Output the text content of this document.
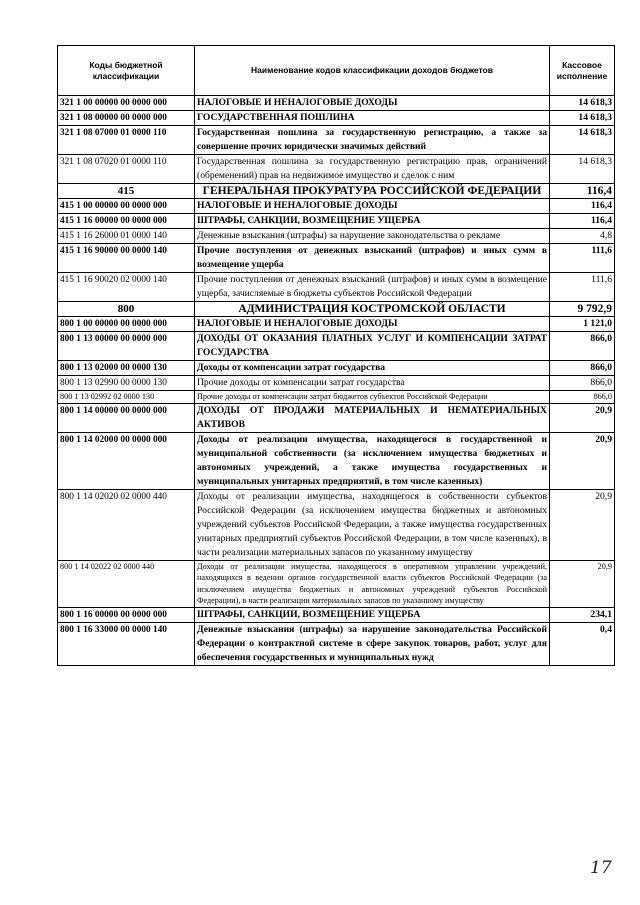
Коды бюджетной классификации	Наименование кодов классификации доходов бюджетов	Кассовое исполнение
321 1 00 00000 00 0000 000	НАЛОГОВЫЕ И НЕНАЛОГОВЫЕ ДОХОДЫ	14 618,3
321 1 08 00000 00 0000 000	ГОСУДАРСТВЕННАЯ ПОШЛИНА	14 618,3
321 1 08 07000 01 0000 110	Государственная пошлина за государственную регистрацию, а также за совершение прочих юридически значимых действий	14 618,3
321 1 08 07020 01 0000 110	Государственная пошлина за государственную регистрацию прав, ограничений (обременений) прав на недвижимое имущество и сделок с ним	14 618,3
415	ГЕНЕРАЛЬНАЯ ПРОКУРАТУРА РОССИЙСКОЙ ФЕДЕРАЦИИ	116,4
415 1 00 00000 00 0000 000	НАЛОГОВЫЕ И НЕНАЛОГОВЫЕ ДОХОДЫ	116,4
415 1 16 00000 00 0000 000	ШТРАФЫ, САНКЦИИ, ВОЗМЕЩЕНИЕ УЩЕРБА	116,4
415 1 16 26000 01 0000 140	Денежные взыскания (штрафы) за нарушение законодательства о рекламе	4,8
415 1 16 90000 00 0000 140	Прочие поступления от денежных взысканий (штрафов) и иных сумм в возмещение ущерба	111,6
415 1 16 90020 02 0000 140	Прочие поступления от денежных взысканий (штрафов) и иных сумм в возмещение ущерба, зачисляемые в бюджеты субъектов Российской Федерации	111,6
800	АДМИНИСТРАЦИЯ КОСТРОМСКОЙ ОБЛАСТИ	9 792,9
800 1 00 00000 00 0000 000	НАЛОГОВЫЕ И НЕНАЛОГОВЫЕ ДОХОДЫ	1 121,0
800 1 13 00000 00 0000 000	ДОХОДЫ ОТ ОКАЗАНИЯ ПЛАТНЫХ УСЛУГ И КОМПЕНСАЦИИ ЗАТРАТ ГОСУДАРСТВА	866,0
800 1 13 02000 00 0000 130	Доходы от компенсации затрат государства	866,0
800 1 13 02990 00 0000 130	Прочие доходы от компенсации затрат государства	866,0
800 1 13 02992 02 0000 130	Прочие доходы от компенсации затрат бюджетов субъектов Российской Федерации	866,0
800 1 14 00000 00 0000 000	ДОХОДЫ ОТ ПРОДАЖИ МАТЕРИАЛЬНЫХ И НЕМАТЕРИАЛЬНЫХ АКТИВОВ	20,9
800 1 14 02000 00 0000 000	Доходы от реализации имущества, находящегося в государственной и муниципальной собственности (за исключением имущества бюджетных и автономных учреждений, а также имущества государственных и муниципальных унитарных предприятий, в том числе казенных)	20,9
800 1 14 02020 02 0000 440	Доходы от реализации имущества, находящегося в собственности субъектов Российской Федерации (за исключением имущества бюджетных и автономных учреждений субъектов Российской Федерации, а также имущества государственных унитарных предприятий субъектов Российской Федерации, в том числе казенных), в части реализации материальных запасов по указанному имуществу	20,9
800 1 14 02022 02 0000 440	Доходы от реализации имущества, находящегося в оперативном управлении учреждений, находящихся в ведении органов государственной власти субъектов Российской Федерации (за исключением имущества бюджетных и автономных учреждений субъектов Российской Федерации), в части реализации материальных запасов по указанному имуществу	20,9
800 1 16 00000 00 0000 000	ШТРАФЫ, САНКЦИИ, ВОЗМЕЩЕНИЕ УЩЕРБА	234,1
800 1 16 33000 00 0000 140	Денежные взыскания (штрафы) за нарушение законодательства Российской Федерации о контрактной системе в сфере закупок товаров, работ, услуг для обеспечения государственных и муниципальных нужд	0,4
17
